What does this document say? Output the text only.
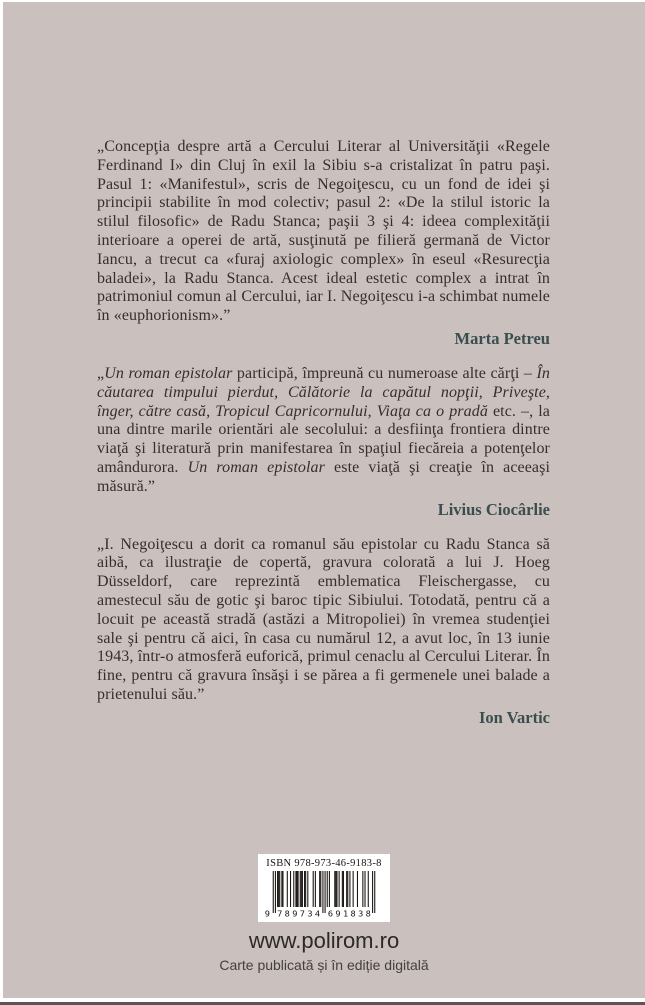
„Concepţia despre artă a Cercului Literar al Universităţii «Regele Ferdinand I» din Cluj în exil la Sibiu s-a cristalizat în patru paşi. Pasul 1: «Manifestul», scris de Negoiţescu, cu un fond de idei şi principii stabilite în mod colectiv; pasul 2: «De la stilul istoric la stilul filosofic» de Radu Stanca; paşii 3 şi 4: ideea complexităţii interioare a operei de artă, susţinută pe filieră germană de Victor Iancu, a trecut ca «furaj axiologic complex» în eseul «Resurecţia baladei», la Radu Stanca. Acest ideal estetic complex a intrat în patrimoniul comun al Cercului, iar I. Negoiţescu i-a schimbat numele în «euphorionism».”

Marta Petreu

„Un roman epistolar participă, împreună cu numeroase alte cărţi – În căutarea timpului pierdut, Călătorie la capătul nopţii, Priveşte, înger, către casă, Tropicul Capricornului, Viaţa ca o pradă etc. –, la una dintre marile orientări ale secolului: a desfiinţa frontiera dintre viaţă şi literatură prin manifestarea în spaţiul fiecăreia a potenţelor amândurora. Un roman epistolar este viaţă şi creaţie în aceeaşi măsură.”

Livius Ciocârlie

„I. Negoiţescu a dorit ca romanul său epistolar cu Radu Stanca să aibă, ca ilustraţie de copertă, gravura colorată a lui J. Hoeg Düsseldorf, care reprezintă emblematica Fleischergasse, cu amestecul său de gotic şi baroc tipic Sibiului. Totodată, pentru că a locuit pe această stradă (astăzi a Mitropoliei) în vremea studenţiei sale şi pentru că aici, în casa cu numărul 12, a avut loc, în 13 iunie 1943, într-o atmosferă euforică, primul cenaclu al Cercului Literar. În fine, pentru că gravura însăşi i se părea a fi germenele unei balade a prietenului său.”

Ion Vartic

ISBN 978-973-46-9183-8
9 7 8 9 7 3 4 6 9 1 8 3 8
www.polirom.ro
Carte publicată și în ediție digitală
